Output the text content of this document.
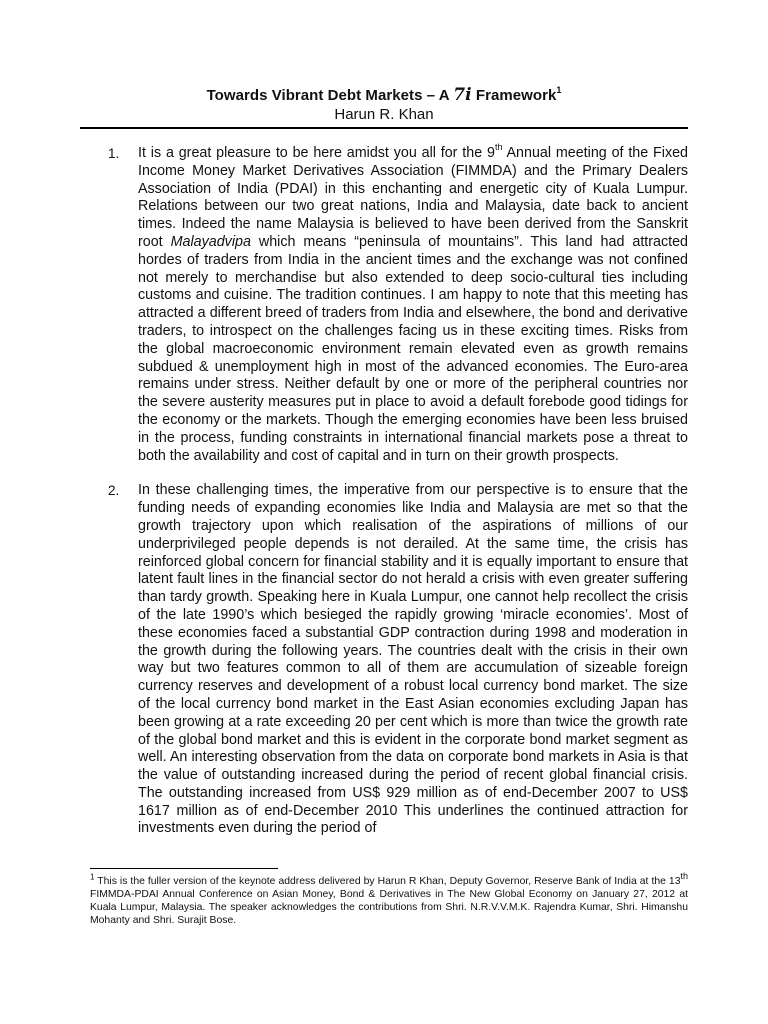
Towards Vibrant Debt Markets – A 7i Framework$^1$
Harun R. Khan
1. It is a great pleasure to be here amidst you all for the 9th Annual meeting of the Fixed Income Money Market Derivatives Association (FIMMDA) and the Primary Dealers Association of India (PDAI) in this enchanting and energetic city of Kuala Lumpur. Relations between our two great nations, India and Malaysia, date back to ancient times. Indeed the name Malaysia is believed to have been derived from the Sanskrit root Malayadvipa which means “peninsula of mountains”. This land had attracted hordes of traders from India in the ancient times and the exchange was not confined not merely to merchandise but also extended to deep socio-cultural ties including customs and cuisine. The tradition continues. I am happy to note that this meeting has attracted a different breed of traders from India and elsewhere, the bond and derivative traders, to introspect on the challenges facing us in these exciting times. Risks from the global macroeconomic environment remain elevated even as growth remains subdued & unemployment high in most of the advanced economies. The Euro-area remains under stress. Neither default by one or more of the peripheral countries nor the severe austerity measures put in place to avoid a default forebode good tidings for the economy or the markets. Though the emerging economies have been less bruised in the process, funding constraints in international financial markets pose a threat to both the availability and cost of capital and in turn on their growth prospects.
2. In these challenging times, the imperative from our perspective is to ensure that the funding needs of expanding economies like India and Malaysia are met so that the growth trajectory upon which realisation of the aspirations of millions of our underprivileged people depends is not derailed. At the same time, the crisis has reinforced global concern for financial stability and it is equally important to ensure that latent fault lines in the financial sector do not herald a crisis with even greater suffering than tardy growth. Speaking here in Kuala Lumpur, one cannot help recollect the crisis of the late 1990’s which besieged the rapidly growing ‘miracle economies’. Most of these economies faced a substantial GDP contraction during 1998 and moderation in the growth during the following years. The countries dealt with the crisis in their own way but two features common to all of them are accumulation of sizeable foreign currency reserves and development of a robust local currency bond market. The size of the local currency bond market in the East Asian economies excluding Japan has been growing at a rate exceeding 20 per cent which is more than twice the growth rate of the global bond market and this is evident in the corporate bond market segment as well. An interesting observation from the data on corporate bond markets in Asia is that the value of outstanding increased during the period of recent global financial crisis. The outstanding increased from US$ 929 million as of end-December 2007 to US$ 1617 million as of end-December 2010 This underlines the continued attraction for investments even during the period of
$^1$ This is the fuller version of the keynote address delivered by Harun R Khan, Deputy Governor, Reserve Bank of India at the 13th FIMMDA-PDAI Annual Conference on Asian Money, Bond & Derivatives in The New Global Economy on January 27, 2012 at Kuala Lumpur, Malaysia. The speaker acknowledges the contributions from Shri. N.R.V.V.M.K. Rajendra Kumar, Shri. Himanshu Mohanty and Shri. Surajit Bose.
